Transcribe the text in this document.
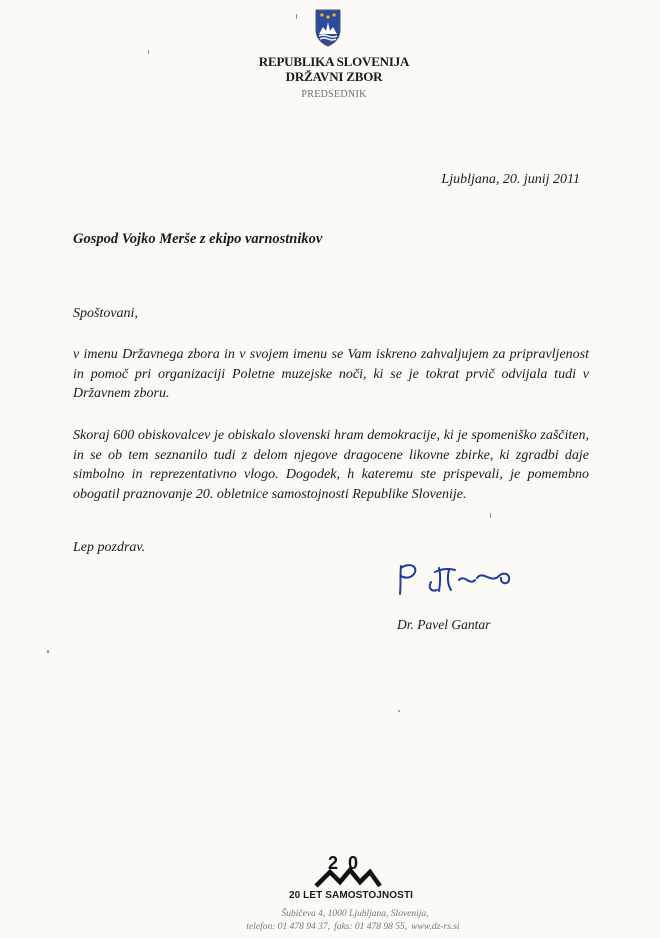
REPUBLIKA SLOVENIJA
DRŽAVNI ZBOR
PREDSEDNIK
Ljubljana, 20. junij 2011
Gospod Vojko Merše z ekipo varnostnikov
Spoštovani,
v imenu Državnega zbora in v svojem imenu se Vam iskreno zahvaljujem za pripravljenost in pomoč pri organizaciji Poletne muzejske noči, ki se je tokrat prvič odvijala tudi v Državnem zboru.
Skoraj 600 obiskovalcev je obiskalo slovenski hram demokracije, ki je spomeniško zaščiten, in se ob tem seznanilo tudi z delom njegove dragocene likovne zbirke, ki zgradbi daje simbolno in reprezentativno vlogo. Dogodek, h kateremu ste prispevali, je pomembno obogatil praznovanje 20. obletnice samostojnosti Republike Slovenije.
Lep pozdrav.
Dr. Pavel Gantar
20
20 LET SAMOSTOJNOSTI
Šubičeva 4, 1000 Ljubljana, Slovenija,
telefon: 01 478 94 37, faks: 01 478 98 55, www.dz-rs.si
